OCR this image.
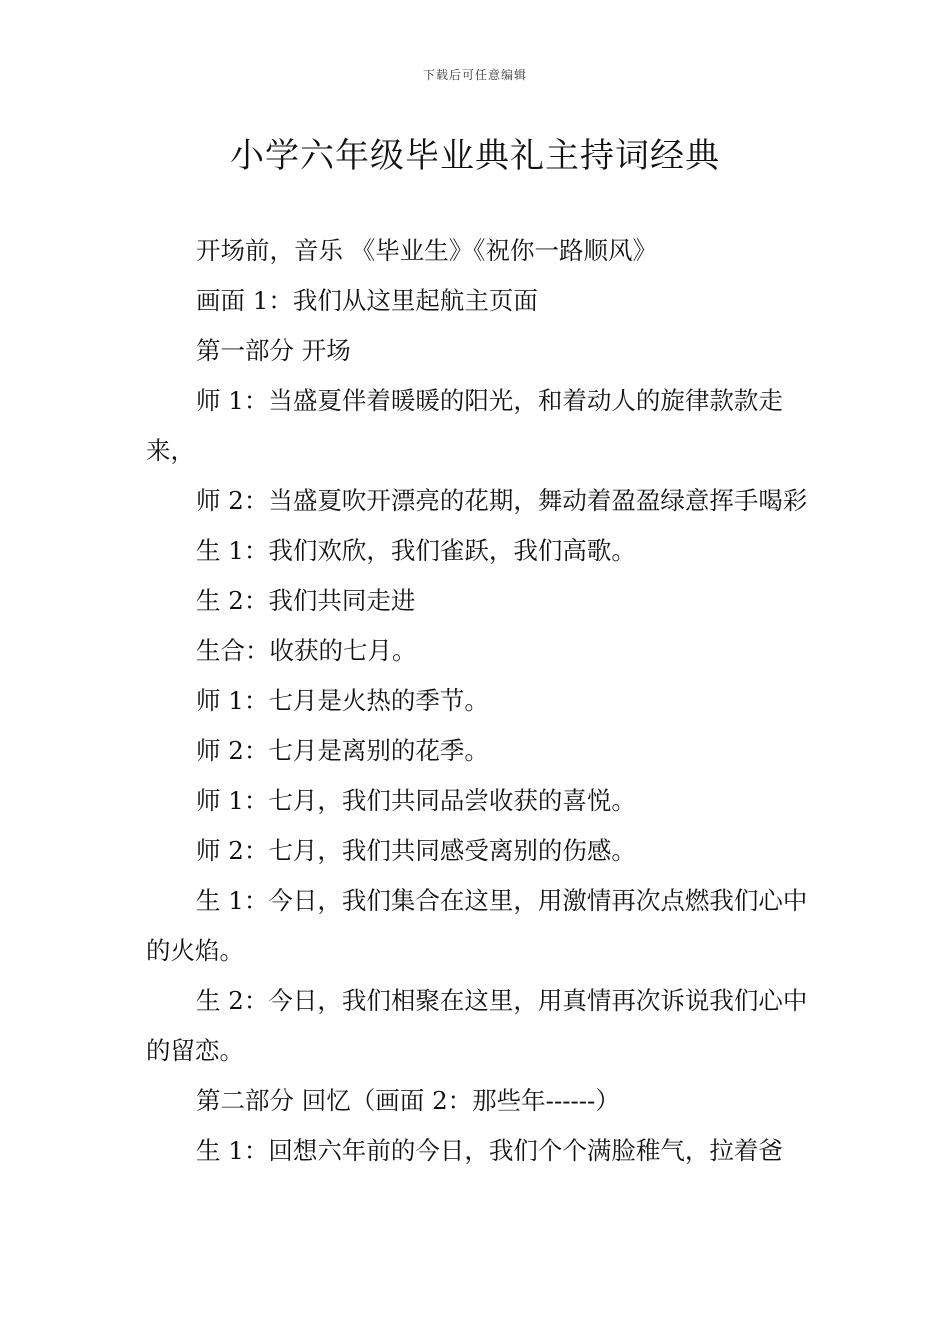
下载后可任意编辑
小学六年级毕业典礼主持词经典

开场前，音乐 《毕业生》《祝你一路顺风》

画面 1：我们从这里起航主页面

第一部分 开场

师 1：当盛夏伴着暖暖的阳光，和着动人的旋律款款走来，

师 2：当盛夏吹开漂亮的花期，舞动着盈盈绿意挥手喝彩

生 1：我们欢欣，我们雀跃，我们高歌。

生 2：我们共同走进

生合：收获的七月。

师 1：七月是火热的季节。

师 2：七月是离别的花季。

师 1：七月，我们共同品尝收获的喜悦。

师 2：七月，我们共同感受离别的伤感。

生 1：今日，我们集合在这里，用激情再次点燃我们心中的火焰。

生 2：今日，我们相聚在这里，用真情再次诉说我们心中的留恋。

第二部分 回忆（画面 2：那些年------）

生 1：回想六年前的今日，我们个个满脸稚气，拉着爸
